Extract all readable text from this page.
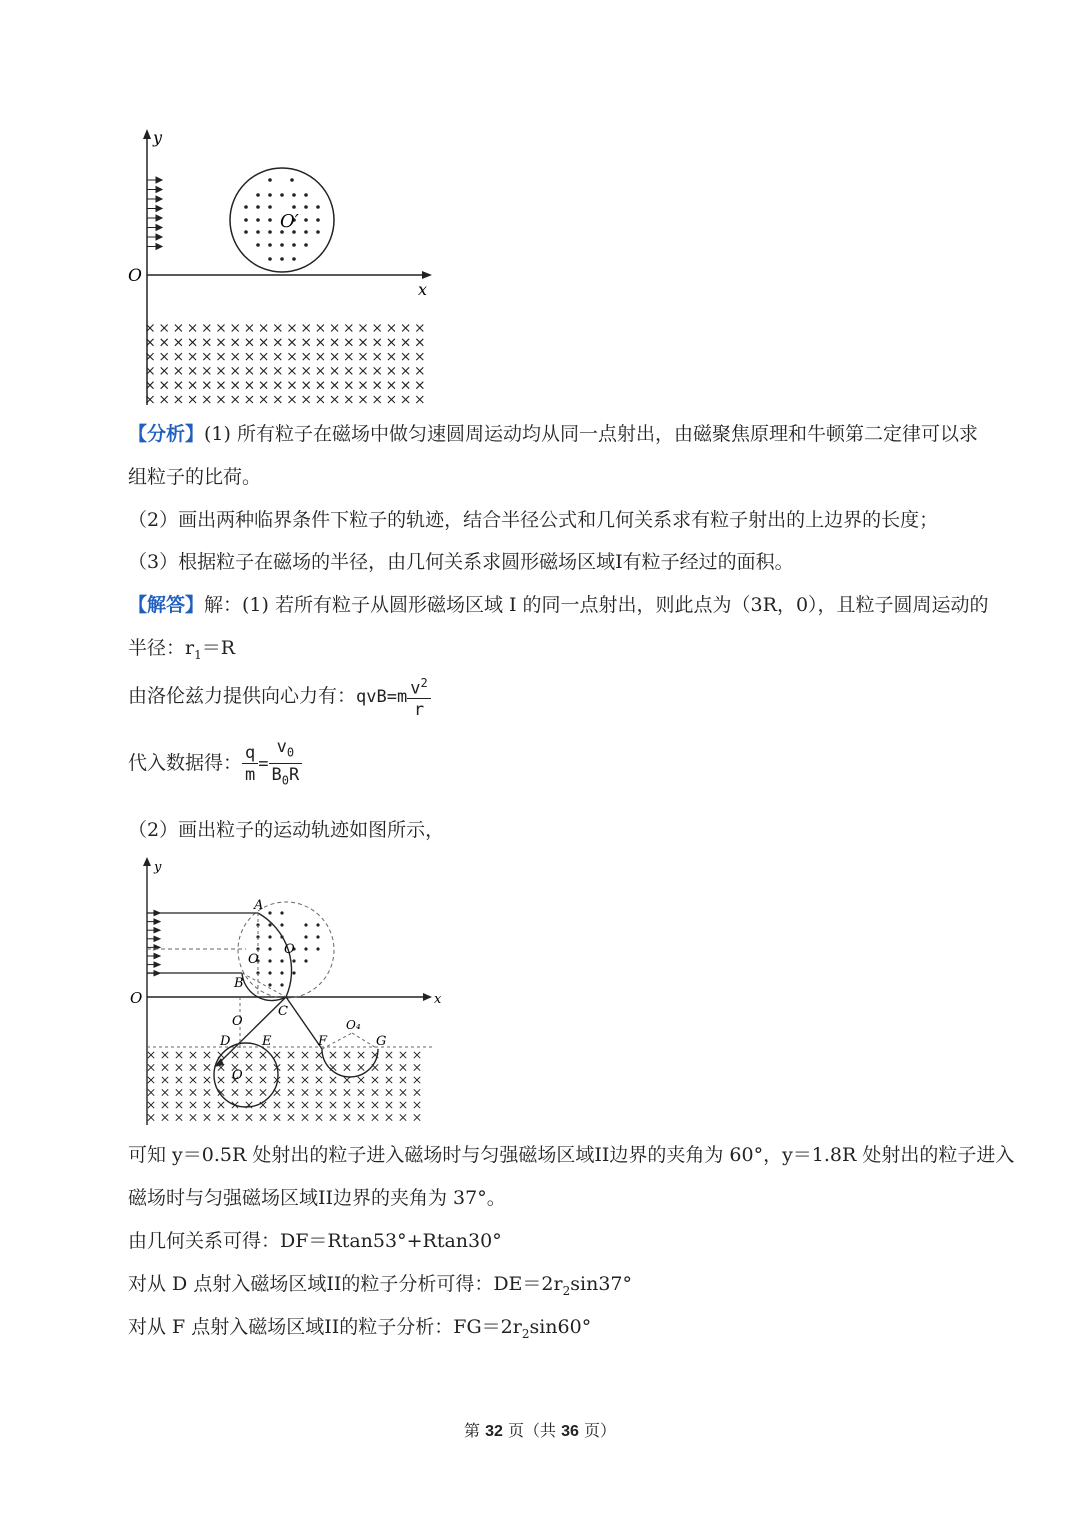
y
x
O
O′
【分析】(1) 所有粒子在磁场中做匀速圆周运动均从同一点射出，由磁聚焦原理和牛顿第二定律可以求
组粒子的比荷。
（2）画出两种临界条件下粒子的轨迹，结合半径公式和几何关系求有粒子射出的上边界的长度；
（3）根据粒子在磁场的半径，由几何关系求圆形磁场区域I有粒子经过的面积。
【解答】解：(1) 若所有粒子从圆形磁场区域 I 的同一点射出，则此点为（3R，0），且粒子圆周运动的
半径：$r_1=R$
由洛伦兹力提供向心力有：$qvB=m \frac{v^2}{r}$
代入数据得： $\frac{q}{m} = \frac{v_0}{B_0R}$
（2）画出粒子的运动轨迹如图所示，
y
x
O
A
B
C
D E	F	G
O
O
O
O
O₄
可知 y＝0.5R 处射出的粒子进入磁场时与匀强磁场区域II边界的夹角为 60°，y＝1.8R 处射出的粒子进入
磁场时与匀强磁场区域II边界的夹角为 37°。
由几何关系可得：DF＝Rtan53°+Rtan30°
对从 D 点射入磁场区域II的粒子分析可得：$DE=2r_2\sin 37^\circ$
对从 F 点射入磁场区域II的粒子分析：$FG=2r_2\sin 60^\circ$
第 32 页（共 36 页）
